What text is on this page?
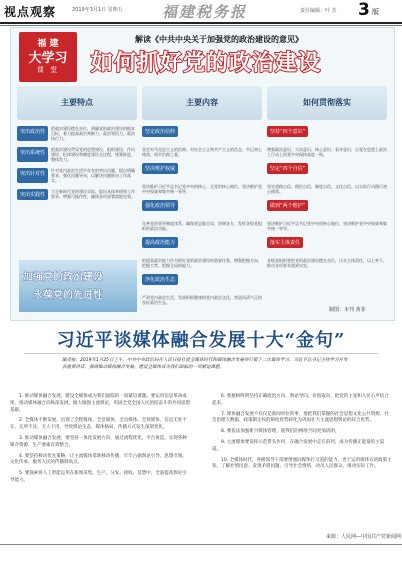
视点观察	2019年3月1日 星期五	福建税务报	责任编辑：叶 芳 3 版
福 建
大学习
课 堂
解读《中共中央关于加强党的政治建设的意见》
如何抓好党的政治建设
主要特点
突出政治性
把政治建设摆在首位，明确党的政治建设的根本目标，着力提高政治判断力、政治领悟力、政治执行力。
突出系统性
把政治建设贯穿党的思想建设、组织建设、作风建设、纪律建设和制度建设全过程，统筹推进，整体发力。
突出针对性
针对党内政治生活中存在的突出问题，提出明确要求，强化问题导向，以解决问题推动工作落实。
突出实践性
立足新时代党的建设实际，提出具体举措和工作要求，增强可操作性，确保各项部署落地见效。
主要内容
坚定政治信仰
坚定对马克思主义的信仰、对社会主义和共产主义的信念，牢记初心使命，筑牢信仰之基。
坚决维护权威
坚决维护习近平总书记党中央的核心、全党的核心地位，坚决维护党中央权威和集中统一领导。
强化政治领导
完善党的领导制度体系，确保党总揽全局、协调各方，发挥各级党组织的政治功能。
提高政治能力
把提高政治能力作为抓好党的政治建设的重要任务，增强把握方向、把握大势、把握全局的能力。
净化政治生态
严肃党内政治生活，发展积极健康的党内政治文化，营造风清气正的良好政治生态。
如何贯彻落实
坚持“四个意识”
增强政治意识、大局意识、核心意识、看齐意识，自觉在思想上政治上行动上同党中央保持高度一致。
坚定“四个自信”
坚定道路自信、理论自信、制度自信、文化自信，以实际行动践行初心使命。
做到“两个维护”
坚决维护习近平总书记党中央的核心地位，坚决维护党中央权威和集中统一领导。
落实主体责任
各级党组织要把党的政治建设摆在首位，压实主体责任，以上率下，推动各项要求落到实处。
加强党的政治建设
永葆党的先进性
制图：本刊 黄菲
习近平谈媒体融合发展十大“金句”

编者按：2019年1月25日上午，中共中央政治局在人民日报社就全媒体时代和媒体融合发展举行第十二次集体学习。习近平总书记主持学习并发表重要讲话，强调推动媒体融合发展、建设全媒体成为我们面临的一项紧迫课题。

1. 推动媒体融合发展、建设全媒体成为我们面临的一项紧迫课题。要运用信息革命成果，推动媒体融合向纵深发展，做大做强主流舆论，巩固全党全国人民团结奋斗的共同思想基础。

2. 全媒体不断发展，出现了全程媒体、全息媒体、全员媒体、全效媒体，信息无处不在、无所不及、无人不用，导致舆论生态、媒体格局、传播方式发生深刻变化。

3. 推动媒体融合发展，要坚持一体化发展方向，通过流程优化、平台再造，实现各种媒介资源、生产要素有效整合。

4. 要坚持移动优先策略，让主流媒体借助移动传播，牢牢占据舆论引导、思想引领、文化传承、服务人民的传播制高点。

5. 要探索将人工智能运用在新闻采集、生产、分发、接收、反馈中，全面提高舆论引导能力。

6. 要旗帜鲜明坚持正确政治方向、舆论导向、价值取向，把党的主张和人民心声结合起来。

7. 媒体融合发展不仅仅是新闻单位的事，要把我们掌握的社会思想文化公共资源、社会治理大数据、政策制定权的制度优势转化为巩固壮大主流思想舆论的综合优势。

8. 要依法加强新兴媒体管理，使我们的网络空间更加清朗。

9. 主流媒体要发挥示范带头作用，在融合发展中走在前列，成为传播正能量的主渠道。

10. 全媒体时代，各级领导干部要增强同媒体打交道的能力，善于运用媒体宣讲政策主张、了解社情民意、发现矛盾问题、引导社会情绪、动员人民群众、推动实际工作。

来源：人民网—中国共产党新闻网
